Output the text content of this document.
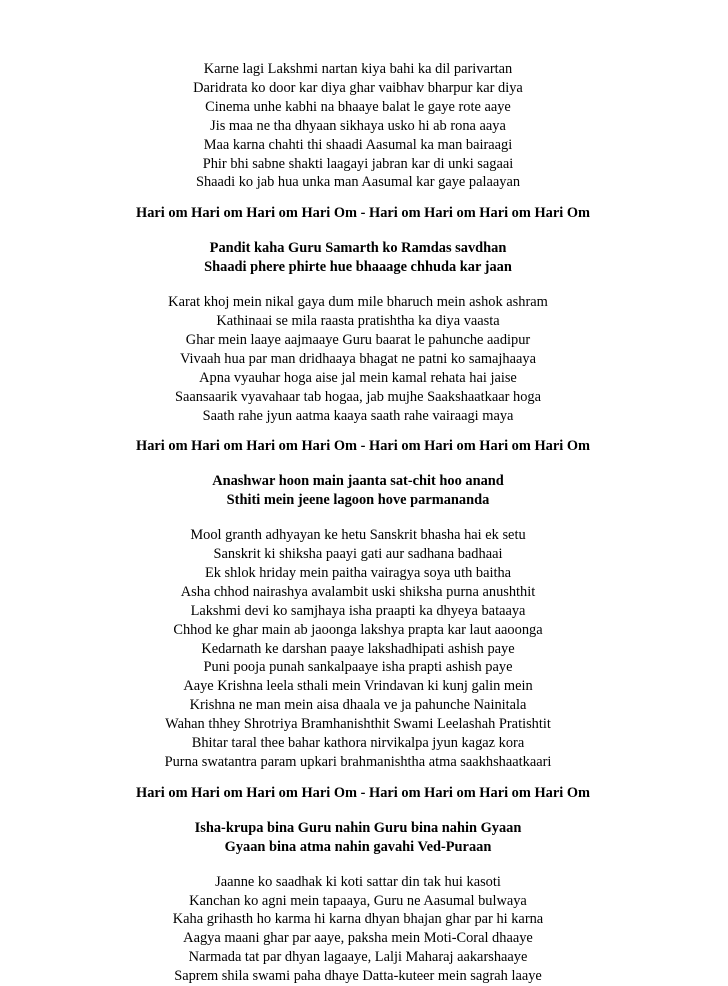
Karne lagi Lakshmi nartan kiya bahi ka dil parivartan
Daridrata ko door kar diya ghar vaibhav bharpur kar diya
Cinema unhe kabhi na bhaaye balat le gaye rote aaye
Jis maa ne tha dhyaan sikhaya usko hi ab rona aaya
Maa karna chahti thi shaadi Aasumal ka man bairaagi
Phir bhi sabne shakti laagayi jabran kar di unki sagaai
Shaadi ko jab hua unka man Aasumal kar gaye palaayan
Hari om Hari om Hari om Hari Om - Hari om Hari om Hari om Hari Om
Pandit kaha Guru Samarth ko Ramdas savdhan
Shaadi phere phirte hue bhaaage chhuda kar jaan
Karat khoj mein nikal gaya dum mile bharuch mein ashok ashram
Kathinaai se mila raasta pratishtha ka diya vaasta
Ghar mein laaye aajmaaye Guru baarat le pahunche aadipur
Vivaah hua par man dridhaaya bhagat ne patni ko samajhaaya
Apna vyauhar hoga aise jal mein kamal rehata hai jaise
Saansaarik vyavahaar tab hogaa, jab mujhe Saakshaatkaar hoga
Saath rahe jyun aatma kaaya saath rahe vairaagi maya
Hari om Hari om Hari om Hari Om - Hari om Hari om Hari om Hari Om
Anashwar hoon main jaanta sat-chit hoo anand
Sthiti mein jeene lagoon hove parmananda
Mool granth adhyayan ke hetu Sanskrit bhasha hai ek setu
Sanskrit ki shiksha paayi gati aur sadhana badhaai
Ek shlok hriday mein paitha vairagya soya uth baitha
Asha chhod nairashya avalambit uski shiksha purna anushthit
Lakshmi devi ko samjhaya isha praapti ka dhyeya bataaya
Chhod ke ghar main ab jaoonga lakshya prapta kar laut aaoonga
Kedarnath ke darshan paaye lakshadhipati ashish paye
Puni pooja punah sankalpaaye isha prapti ashish paye
Aaye Krishna leela sthali mein Vrindavan ki kunj galin mein
Krishna ne man mein aisa dhaala ve ja pahunche Nainitala
Wahan thhey Shrotriya Bramhanishthit Swami Leelashah Pratishtit
Bhitar taral thee bahar kathora nirvikalpa jyun kagaz kora
Purna swatantra param upkari brahmanishtha atma saakhshaatkaari
Hari om Hari om Hari om Hari Om - Hari om Hari om Hari om Hari Om
Isha-krupa bina Guru nahin Guru bina nahin Gyaan
Gyaan bina atma nahin gavahi Ved-Puraan
Jaanne ko saadhak ki koti sattar din tak hui kasoti
Kanchan ko agni mein tapaaya, Guru ne Aasumal bulwaya
Kaha grihasth ho karma hi karna dhyan bhajan ghar par hi karna
Aagya maani ghar par aaye, paksha mein Moti-Coral dhaaye
Narmada tat par dhyan lagaaye, Lalji Maharaj aakarshaaye
Saprem shila swami paha dhaye Datta-kuteer mein sagrah laaye
